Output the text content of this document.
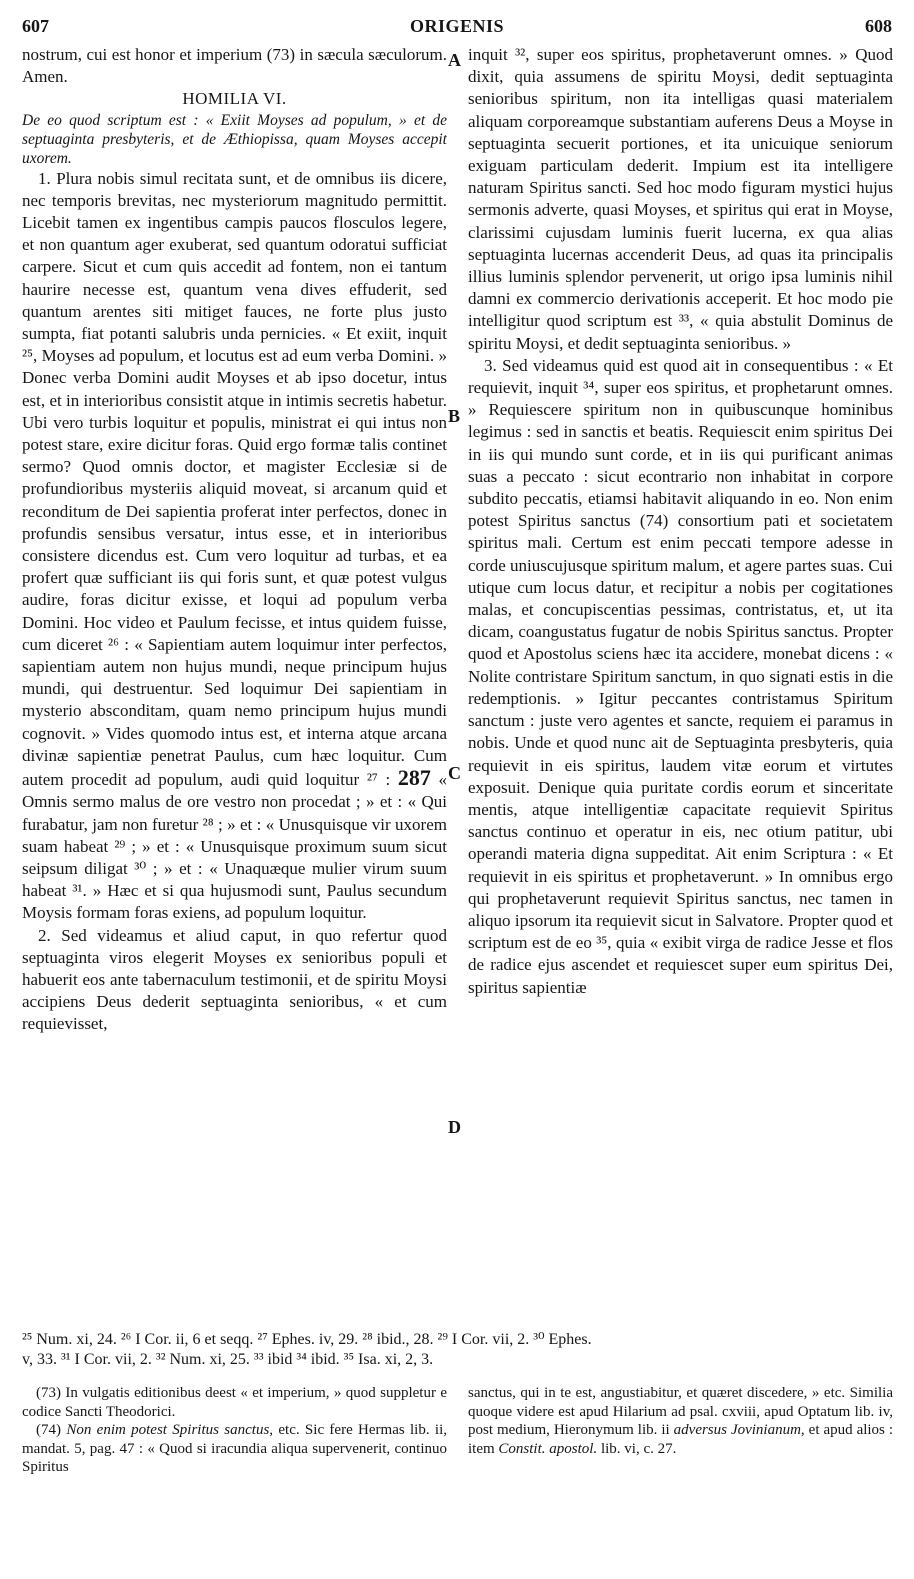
607	ORIGENIS	608

nostrum, cui est honor et imperium (73) in sæcula sæculorum. Amen.

HOMILIA VI.

De eo quod scriptum est : « Exiit Moyses ad populum, » et de septuaginta presbyteris, et de Æthiopissa, quam Moyses accepit uxorem.

1. Plura nobis simul recitata sunt, et de omnibus iis dicere, nec temporis brevitas, nec mysteriorum magnitudo permittit. Licebit tamen ex ingentibus campis paucos flosculos legere, et non quantum ager exuberat, sed quantum odoratui sufficiat carpere. Sicut et cum quis accedit ad fontem, non ei tantum haurire necesse est, quantum vena dives effuderit, sed quantum arentes siti mitiget fauces, ne forte plus justo sumpta, fiat potanti salubris unda pernicies. « Et exiit, inquit ²⁵, Moyses ad populum, et locutus est ad eum verba Domini. » Donec verba Domini audit Moyses et ab ipso docetur, intus est, et in interioribus consistit atque in intimis secretis habetur. Ubi vero turbis loquitur et populis, ministrat ei qui intus non potest stare, exire dicitur foras. Quid ergo formæ talis continet sermo? Quod omnis doctor, et magister Ecclesiæ si de profundioribus mysteriis aliquid moveat, si arcanum quid et reconditum de Dei sapientia proferat inter perfectos, donec in profundis sensibus versatur, intus esse, et in interioribus consistere dicendus est. Cum vero loquitur ad turbas, et ea profert quæ sufficiant iis qui foris sunt, et quæ potest vulgus audire, foras dicitur exisse, et loqui ad populum verba Domini. Hoc video et Paulum fecisse, et intus quidem fuisse, cum diceret ²⁶ : « Sapientiam autem loquimur inter perfectos, sapientiam autem non hujus mundi, neque principum hujus mundi, qui destruentur. Sed loquimur Dei sapientiam in mysterio absconditam, quam nemo principum hujus mundi cognovit. » Vides quomodo intus est, et interna atque arcana divinæ sapientiæ penetrat Paulus, cum hæc loquitur. Cum autem procedit ad populum, audi quid loquitur ²⁷ : 287 « Omnis sermo malus de ore vestro non procedat ; » et : « Qui furabatur, jam non furetur ²⁸ ; » et : « Unusquisque vir uxorem suam habeat ²⁹ ; » et : « Unusquisque proximum suum sicut seipsum diligat ³⁰ ; » et : « Unaquæque mulier virum suum habeat ³¹. » Hæc et si qua hujusmodi sunt, Paulus secundum Moysis formam foras exiens, ad populum loquitur.

2. Sed videamus et aliud caput, in quo refertur quod septuaginta viros elegerit Moyses ex senioribus populi et habuerit eos ante tabernaculum testimonii, et de spiritu Moysi accipiens Deus dederit septuaginta senioribus, « et cum requievisset,

A
B
C
D

inquit ³², super eos spiritus, prophetaverunt omnes. » Quod dixit, quia assumens de spiritu Moysi, dedit septuaginta senioribus spiritum, non ita intelligas quasi materialem aliquam corporeamque substantiam auferens Deus a Moyse in septuaginta secuerit portiones, et ita unicuique seniorum exiguam particulam dederit. Impium est ita intelligere naturam Spiritus sancti. Sed hoc modo figuram mystici hujus sermonis adverte, quasi Moyses, et spiritus qui erat in Moyse, clarissimi cujusdam luminis fuerit lucerna, ex qua alias septuaginta lucernas accenderit Deus, ad quas ita principalis illius luminis splendor pervenerit, ut origo ipsa luminis nihil damni ex commercio derivationis acceperit. Et hoc modo pie intelligitur quod scriptum est ³³, « quia abstulit Dominus de spiritu Moysi, et dedit septuaginta senioribus. »

3. Sed videamus quid est quod ait in consequentibus : « Et requievit, inquit ³⁴, super eos spiritus, et prophetarunt omnes. » Requiescere spiritum non in quibuscunque hominibus legimus : sed in sanctis et beatis. Requiescit enim spiritus Dei in iis qui mundo sunt corde, et in iis qui purificant animas suas a peccato : sicut econtrario non inhabitat in corpore subdito peccatis, etiamsi habitavit aliquando in eo. Non enim potest Spiritus sanctus (74) consortium pati et societatem spiritus mali. Certum est enim peccati tempore adesse in corde uniuscujusque spiritum malum, et agere partes suas. Cui utique cum locus datur, et recipitur a nobis per cogitationes malas, et concupiscentias pessimas, contristatus, et, ut ita dicam, coangustatus fugatur de nobis Spiritus sanctus. Propter quod et Apostolus sciens hæc ita accidere, monebat dicens : « Nolite contristare Spiritum sanctum, in quo signati estis in die redemptionis. » Igitur peccantes contristamus Spiritum sanctum : juste vero agentes et sancte, requiem ei paramus in nobis. Unde et quod nunc ait de Septuaginta presbyteris, quia requievit in eis spiritus, laudem vitæ eorum et virtutes exposuit. Denique quia puritate cordis eorum et sinceritate mentis, atque intelligentiæ capacitate requievit Spiritus sanctus continuo et operatur in eis, nec otium patitur, ubi operandi materia digna suppeditat. Ait enim Scriptura : « Et requievit in eis spiritus et prophetaverunt. » In omnibus ergo qui prophetaverunt requievit Spiritus sanctus, nec tamen in aliquo ipsorum ita requievit sicut in Salvatore. Propter quod et scriptum est de eo ³⁵, quia « exibit virga de radice Jesse et flos de radice ejus ascendet et requiescet super eum spiritus Dei, spiritus sapientiæ

²⁵ Num. xi, 24. ²⁶ I Cor. ii, 6 et seqq. ²⁷ Ephes. iv, 29. ²⁸ ibid., 28. ²⁹ I Cor. vii, 2. ³⁰ Ephes.

v, 33. ³¹ I Cor. vii, 2. ³² Num. xi, 25. ³³ ibid ³⁴ ibid. ³⁵ Isa. xi, 2, 3.

(73) In vulgatis editionibus deest « et imperium, » quod suppletur e codice Sancti Theodorici.

(74) Non enim potest Spiritus sanctus, etc. Sic fere Hermas lib. ii, mandat. 5, pag. 47 : « Quod si iracundia aliqua supervenerit, continuo Spiritus

sanctus, qui in te est, angustiabitur, et quæret discedere, » etc. Similia quoque videre est apud Hilarium ad psal. cxviii, apud Optatum lib. iv, post medium, Hieronymum lib. ii adversus Jovinianum, et apud alios : item Constit. apostol. lib. vi, c. 27.
